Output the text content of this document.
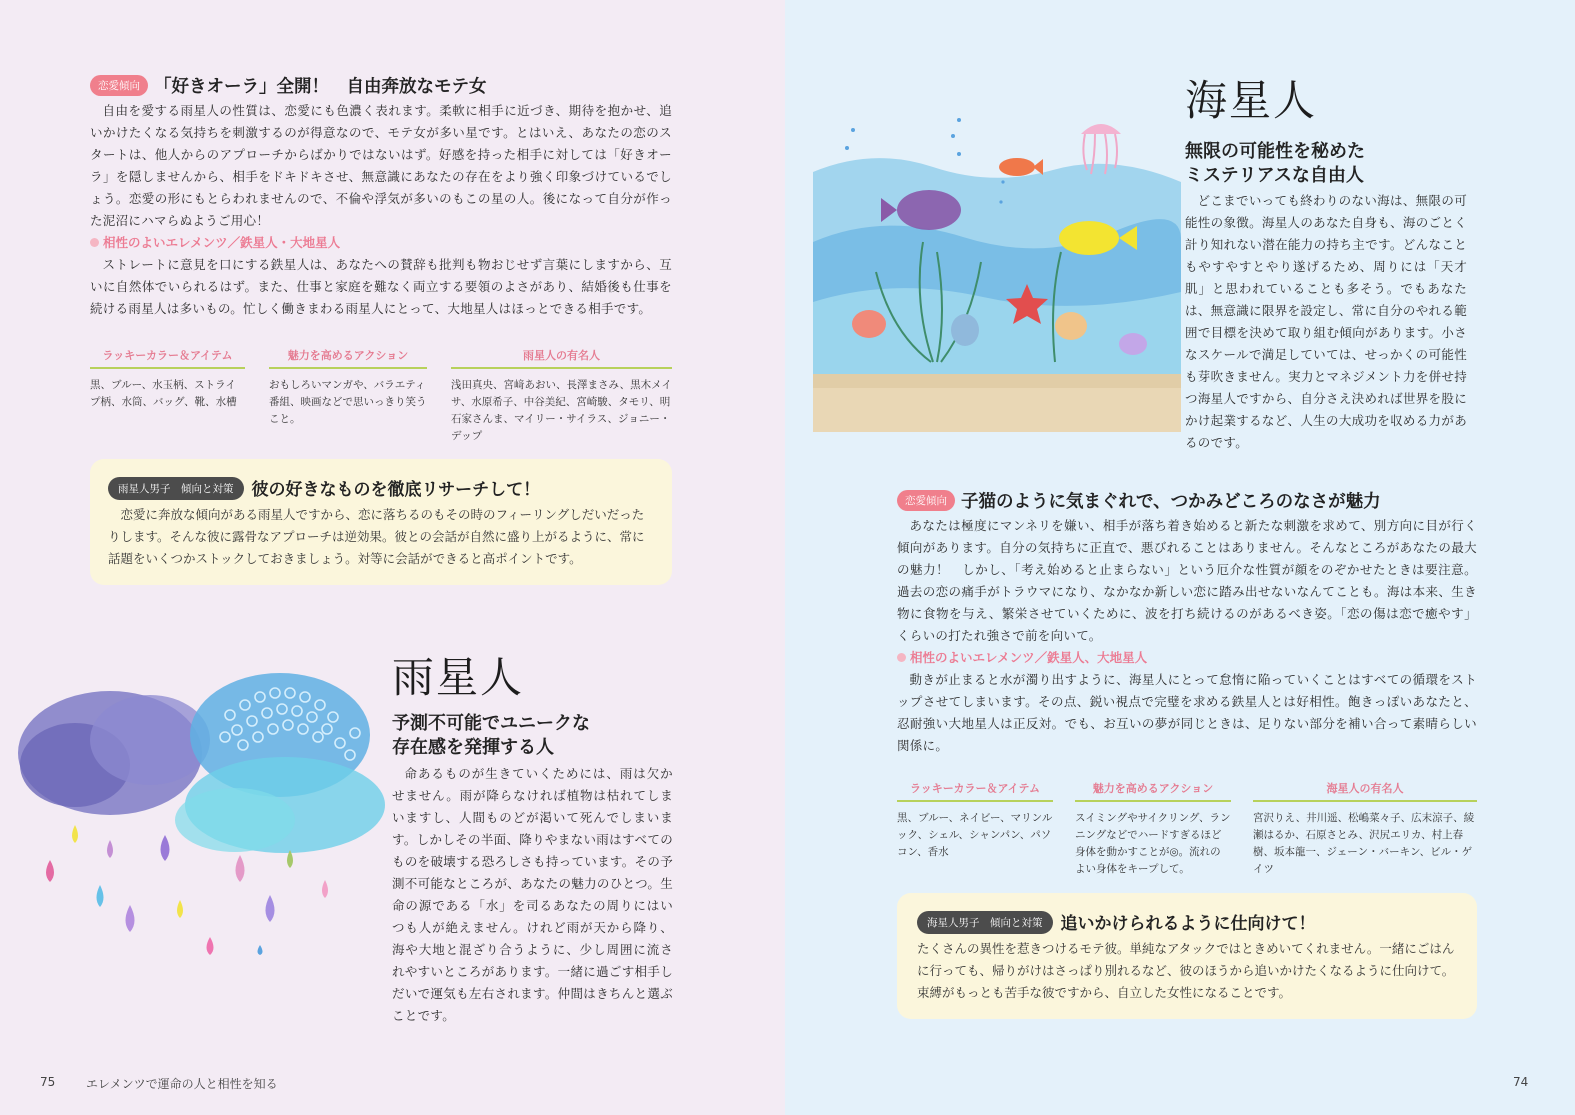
恋愛傾向 「好きオーラ」全開！　自由奔放なモテ女

自由を愛する雨星人の性質は、恋愛にも色濃く表れます。柔軟に相手に近づき、期待を抱かせ、追いかけたくなる気持ちを刺激するのが得意なので、モテ女が多い星です。とはいえ、あなたの恋のスタートは、他人からのアプローチからばかりではないはず。好感を持った相手に対しては「好きオーラ」を隠しませんから、相手をドキドキさせ、無意識にあなたの存在をより強く印象づけているでしょう。恋愛の形にもとらわれませんので、不倫や浮気が多いのもこの星の人。後になって自分が作った泥沼にハマらぬようご用心！

相性のよいエレメンツ／鉄星人・大地星人

ストレートに意見を口にする鉄星人は、あなたへの賛辞も批判も物おじせず言葉にしますから、互いに自然体でいられるはず。また、仕事と家庭を難なく両立する要領のよさがあり、結婚後も仕事を続ける雨星人は多いもの。忙しく働きまわる雨星人にとって、大地星人はほっとできる相手です。

ラッキーカラー＆アイテム
黒、ブルー、水玉柄、ストライプ柄、水筒、バッグ、靴、水槽
魅力を高めるアクション
おもしろいマンガや、バラエティ番組、映画などで思いっきり笑うこと。
雨星人の有名人
浅田真央、宮﨑あおい、長澤まさみ、黒木メイサ、水原希子、中谷美紀、宮崎駿、タモリ、明石家さんま、マイリー・サイラス、ジョニー・デップ
雨星人男子　傾向と対策 彼の好きなものを徹底リサーチして！

恋愛に奔放な傾向がある雨星人ですから、恋に落ちるのもその時のフィーリングしだいだったりします。そんな彼に露骨なアプローチは逆効果。彼との会話が自然に盛り上がるように、常に話題をいくつかストックしておきましょう。対等に会話ができると高ポイントです。

雨星人
予測不可能でユニークな
存在感を発揮する人

命あるものが生きていくためには、雨は欠かせません。雨が降らなければ植物は枯れてしまいますし、人間ものどが渇いて死んでしまいます。しかしその半面、降りやまない雨はすべてのものを破壊する恐ろしさも持っています。その予測不可能なところが、あなたの魅力のひとつ。生命の源である「水」を司るあなたの周りにはいつも人が絶えません。けれど雨が天から降り、海や大地と混ざり合うように、少し周囲に流されやすいところがあります。一緒に過ごす相手しだいで運気も左右されます。仲間はきちんと選ぶことです。

75	エレメンツで運命の人と相性を知る
海星人
無限の可能性を秘めた
ミステリアスな自由人

どこまでいっても終わりのない海は、無限の可能性の象徴。海星人のあなた自身も、海のごとく計り知れない潜在能力の持ち主です。どんなこともやすやすとやり遂げるため、周りには「天才肌」と思われていることも多そう。でもあなたは、無意識に限界を設定し、常に自分のやれる範囲で目標を決めて取り組む傾向があります。小さなスケールで満足していては、せっかくの可能性も芽吹きません。実力とマネジメント力を併せ持つ海星人ですから、自分さえ決めれば世界を股にかけ起業するなど、人生の大成功を収める力があるのです。

恋愛傾向 子猫のように気まぐれで、つかみどころのなさが魅力

あなたは極度にマンネリを嫌い、相手が落ち着き始めると新たな刺激を求めて、別方向に目が行く傾向があります。自分の気持ちに正直で、悪びれることはありません。そんなところがあなたの最大の魅力！　しかし、「考え始めると止まらない」という厄介な性質が顔をのぞかせたときは要注意。過去の恋の痛手がトラウマになり、なかなか新しい恋に踏み出せないなんてことも。海は本来、生き物に食物を与え、繁栄させていくために、波を打ち続けるのがあるべき姿。「恋の傷は恋で癒やす」くらいの打たれ強さで前を向いて。

相性のよいエレメンツ／鉄星人、大地星人

動きが止まると水が濁り出すように、海星人にとって怠惰に陥っていくことはすべての循環をストップさせてしまいます。その点、鋭い視点で完璧を求める鉄星人とは好相性。飽きっぽいあなたと、忍耐強い大地星人は正反対。でも、お互いの夢が同じときは、足りない部分を補い合って素晴らしい関係に。

ラッキーカラー＆アイテム
黒、ブルー、ネイビー、マリンルック、シェル、シャンパン、パソコン、香水
魅力を高めるアクション
スイミングやサイクリング、ランニングなどでハードすぎるほど身体を動かすことが◎。流れのよい身体をキープして。
海星人の有名人
宮沢りえ、井川遥、松嶋菜々子、広末涼子、綾瀬はるか、石原さとみ、沢尻エリカ、村上春樹、坂本龍一、ジェーン・バーキン、ビル・ゲイツ
海星人男子　傾向と対策 追いかけられるように仕向けて！

たくさんの異性を惹きつけるモテ彼。単純なアタックではときめいてくれません。一緒にごはんに行っても、帰りがけはさっぱり別れるなど、彼のほうから追いかけたくなるように仕向けて。束縛がもっとも苦手な彼ですから、自立した女性になることです。

74
